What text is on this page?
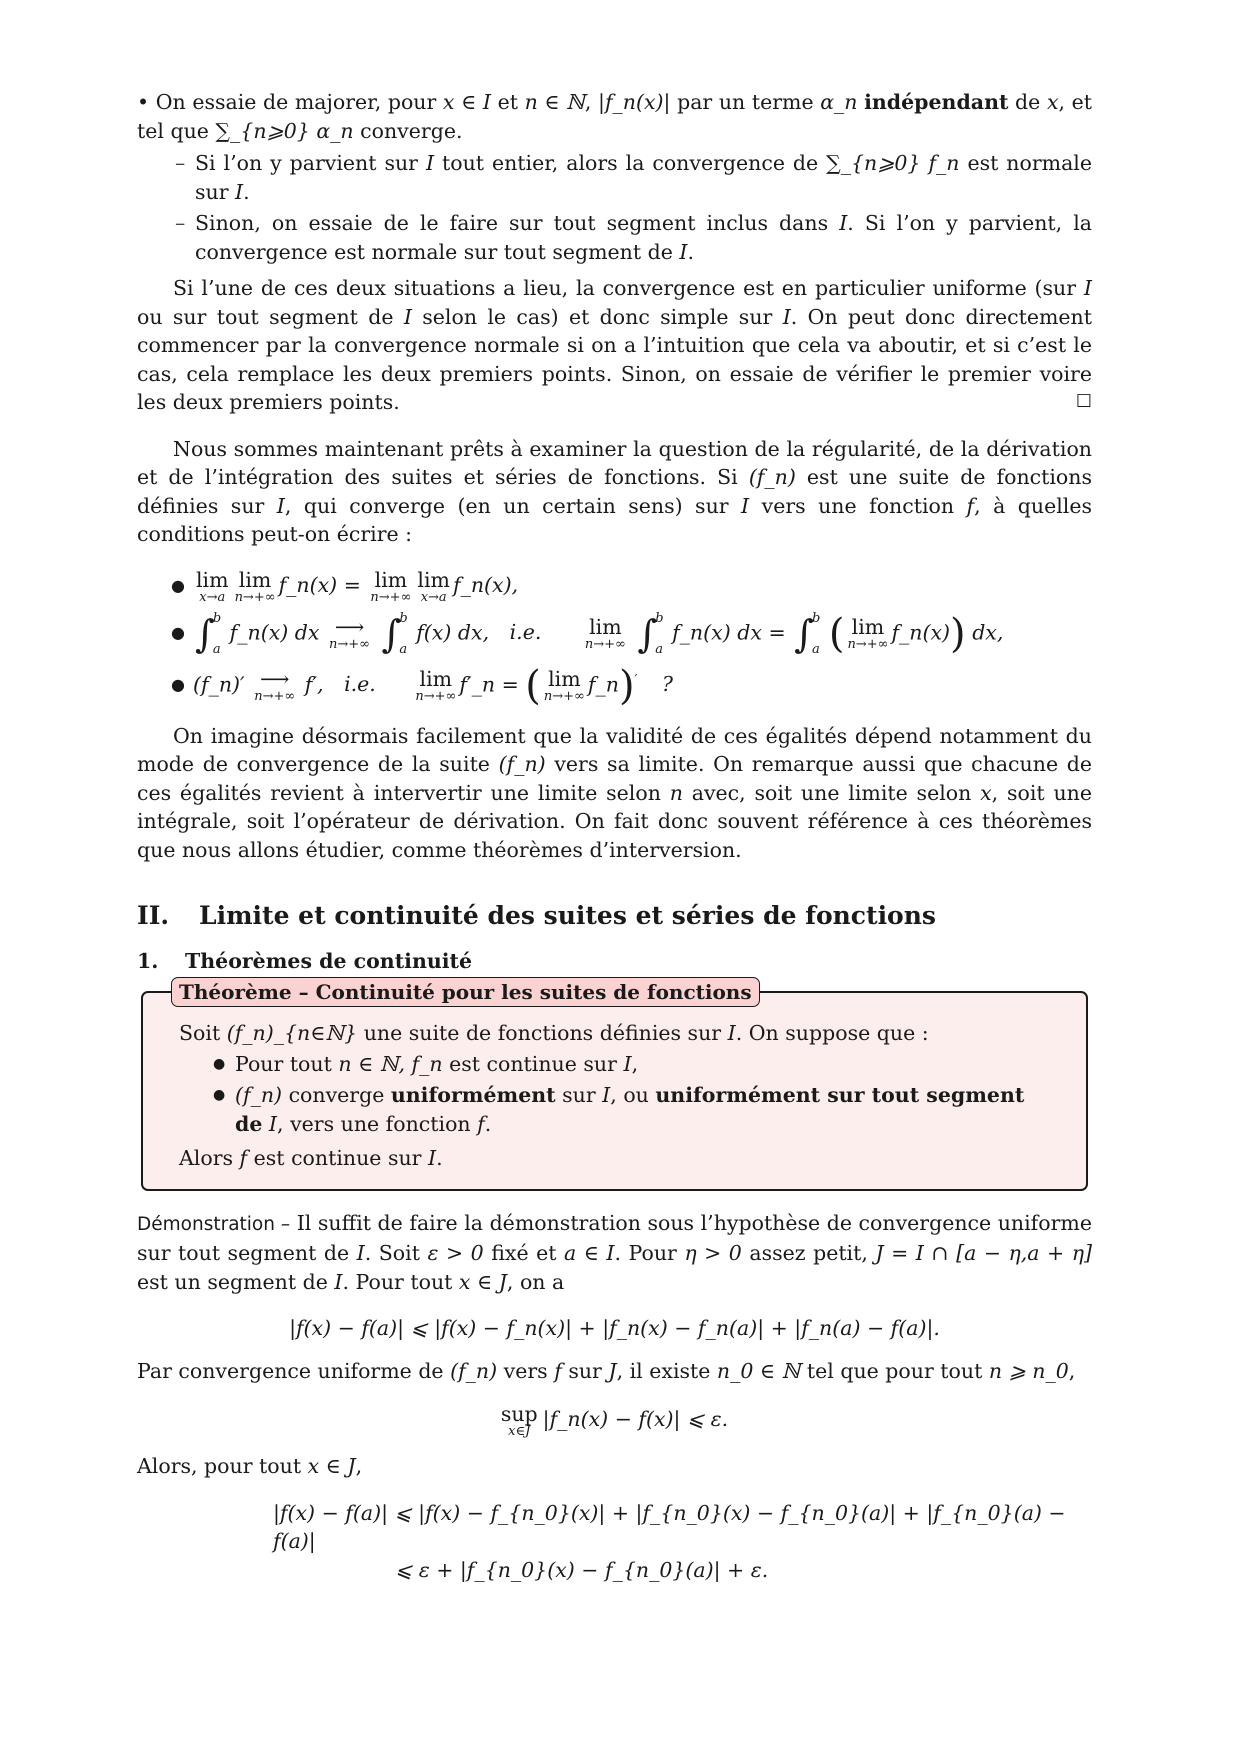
• On essaie de majorer, pour x ∈ I et n ∈ ℕ, |f_n(x)| par un terme α_n indépendant de x, et tel que ∑_{n⩾0} α_n converge.

– Si l’on y parvient sur I tout entier, alors la convergence de ∑_{n⩾0} f_n est normale sur I.
– Sinon, on essaie de le faire sur tout segment inclus dans I. Si l’on y parvient, la convergence est normale sur tout segment de I.

Si l’une de ces deux situations a lieu, la convergence est en particulier uniforme (sur I ou sur tout segment de I selon le cas) et donc simple sur I. On peut donc directement commencer par la convergence normale si on a l’intuition que cela va aboutir, et si c’est le cas, cela remplace les deux premiers points. Sinon, on essaie de vérifier le premier voire les deux premiers points.	☐

Nous sommes maintenant prêts à examiner la question de la régularité, de la dérivation et de l’intégration des suites et séries de fonctions. Si (f_n) est une suite de fonctions définies sur I, qui converge (en un certain sens) sur I vers une fonction f, à quelles conditions peut-on écrire :

● lim
x→a
lim
n→+∞
f_n(x) = lim
n→+∞
lim
x→a
f_n(x),
● ∫
b
a
f_n(x) dx ⟶
n→+∞
∫
b
a
f(x) dx, i.e. lim
n→+∞
∫
b
a
f_n(x) dx = ∫
b
a ( lim
n→+∞
f_n(x)) dx,
● (f_n)′ ⟶
n→+∞
f′, i.e. lim
n→+∞
f′_n = ( lim
n→+∞
f_n)′ ?

On imagine désormais facilement que la validité de ces égalités dépend notamment du mode de convergence de la suite (f_n) vers sa limite. On remarque aussi que chacune de ces égalités revient à intervertir une limite selon n avec, soit une limite selon x, soit une intégrale, soit l’opérateur de dérivation. On fait donc souvent référence à ces théorèmes que nous allons étudier, comme théorèmes d’interversion.

II. Limite et continuité des suites et séries de fonctions
1. Théorèmes de continuité
Théorème – Continuité pour les suites de fonctions

Soit (f_n)_{n∈ℕ} une suite de fonctions définies sur I. On suppose que :

● Pour tout n ∈ ℕ, f_n est continue sur I,
● (f_n) converge uniformément sur I, ou uniformément sur tout segment de I, vers une fonction f.

Alors f est continue sur I.

Démonstration – Il suffit de faire la démonstration sous l’hypothèse de convergence uniforme sur tout segment de I. Soit ε > 0 fixé et a ∈ I. Pour η > 0 assez petit, J = I ∩ [a − η,a + η] est un segment de I. Pour tout x ∈ J, on a

|f(x) − f(a)| ⩽ |f(x) − f_n(x)| + |f_n(x) − f_n(a)| + |f_n(a) − f(a)|.

Par convergence uniforme de (f_n) vers f sur J, il existe n_0 ∈ ℕ tel que pour tout n ⩾ n_0,

sup
x∈J
|f_n(x) − f(x)| ⩽ ε.

Alors, pour tout x ∈ J,

|f(x) − f(a)| ⩽ |f(x) − f_{n_0}(x)| + |f_{n_0}(x) − f_{n_0}(a)| + |f_{n_0}(a) − f(a)|
⩽ ε + |f_{n_0}(x) − f_{n_0}(a)| + ε.
